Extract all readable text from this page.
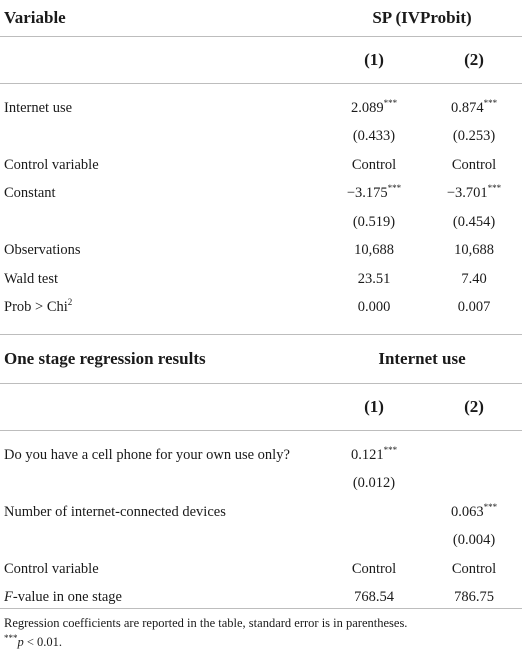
Variable	SP (IVProbit)	
	(1)	(2)
Internet use	2.089***	0.874***
	(0.433)	(0.253)
Control variable	Control	Control
Constant	−3.175***	−3.701***
	(0.519)	(0.454)
Observations	10,688	10,688
Wald test	23.51	7.40
Prob > Chi$^2$	0.000	0.007

One stage regression results	Internet use	
	(1)	(2)
Do you have a cell phone for your own use only?	0.121***	
	(0.012)	
Number of internet-connected devices		0.063***
		(0.004)
Control variable	Control	Control
F-value in one stage	768.54	786.75
Regression coefficients are reported in the table, standard error is in parentheses.
***p < 0.01.
